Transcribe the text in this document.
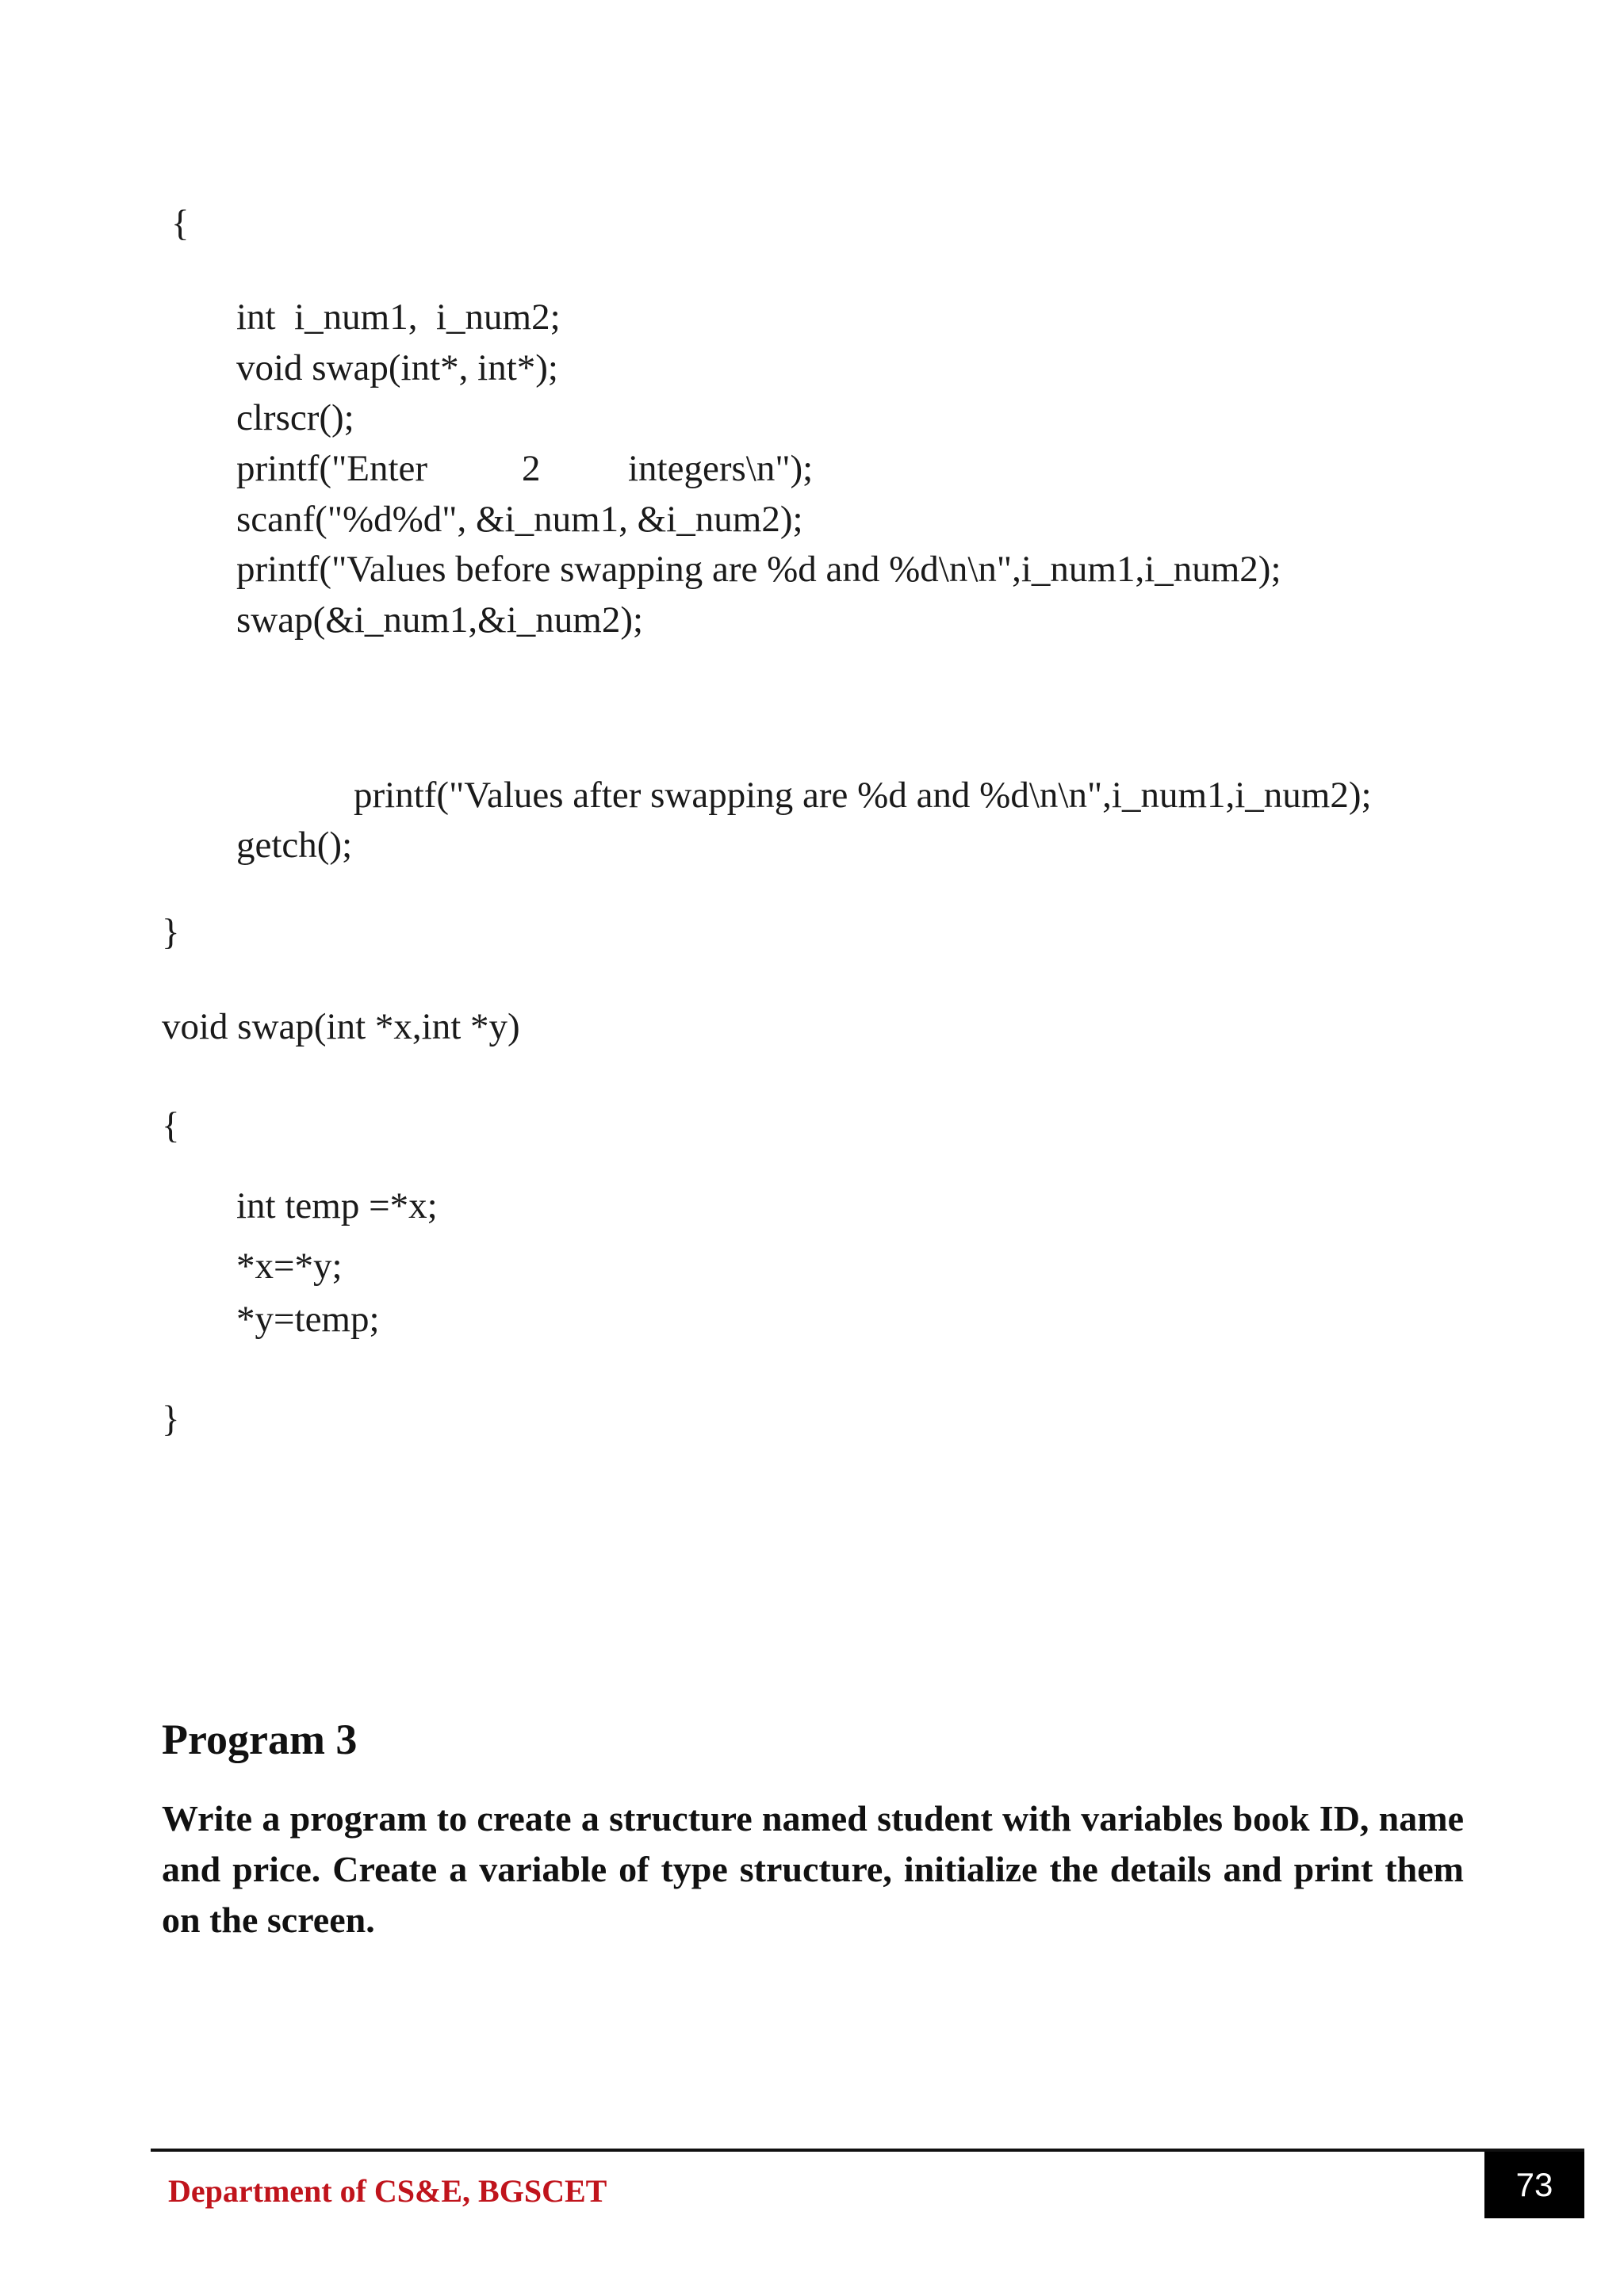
{
int  i_num1,  i_num2;
void swap(int*, int*);
clrscr();
printf("Enter	2 integers\n");
scanf("%d%d", &i_num1, &i_num2);
printf("Values before swapping are %d and %d\n\n",i_num1,i_num2);
swap(&i_num1,&i_num2);
printf("Values after swapping are %d and %d\n\n",i_num1,i_num2);
getch();
}
void swap(int *x,int *y)
{
int temp =*x;
*x=*y;
*y=temp;
}
Program 3
Write a program to create a structure named student with variables book ID, name and price. Create a variable of type structure, initialize the details and print them on the screen.
Department of CS&E, BGSCET	73
